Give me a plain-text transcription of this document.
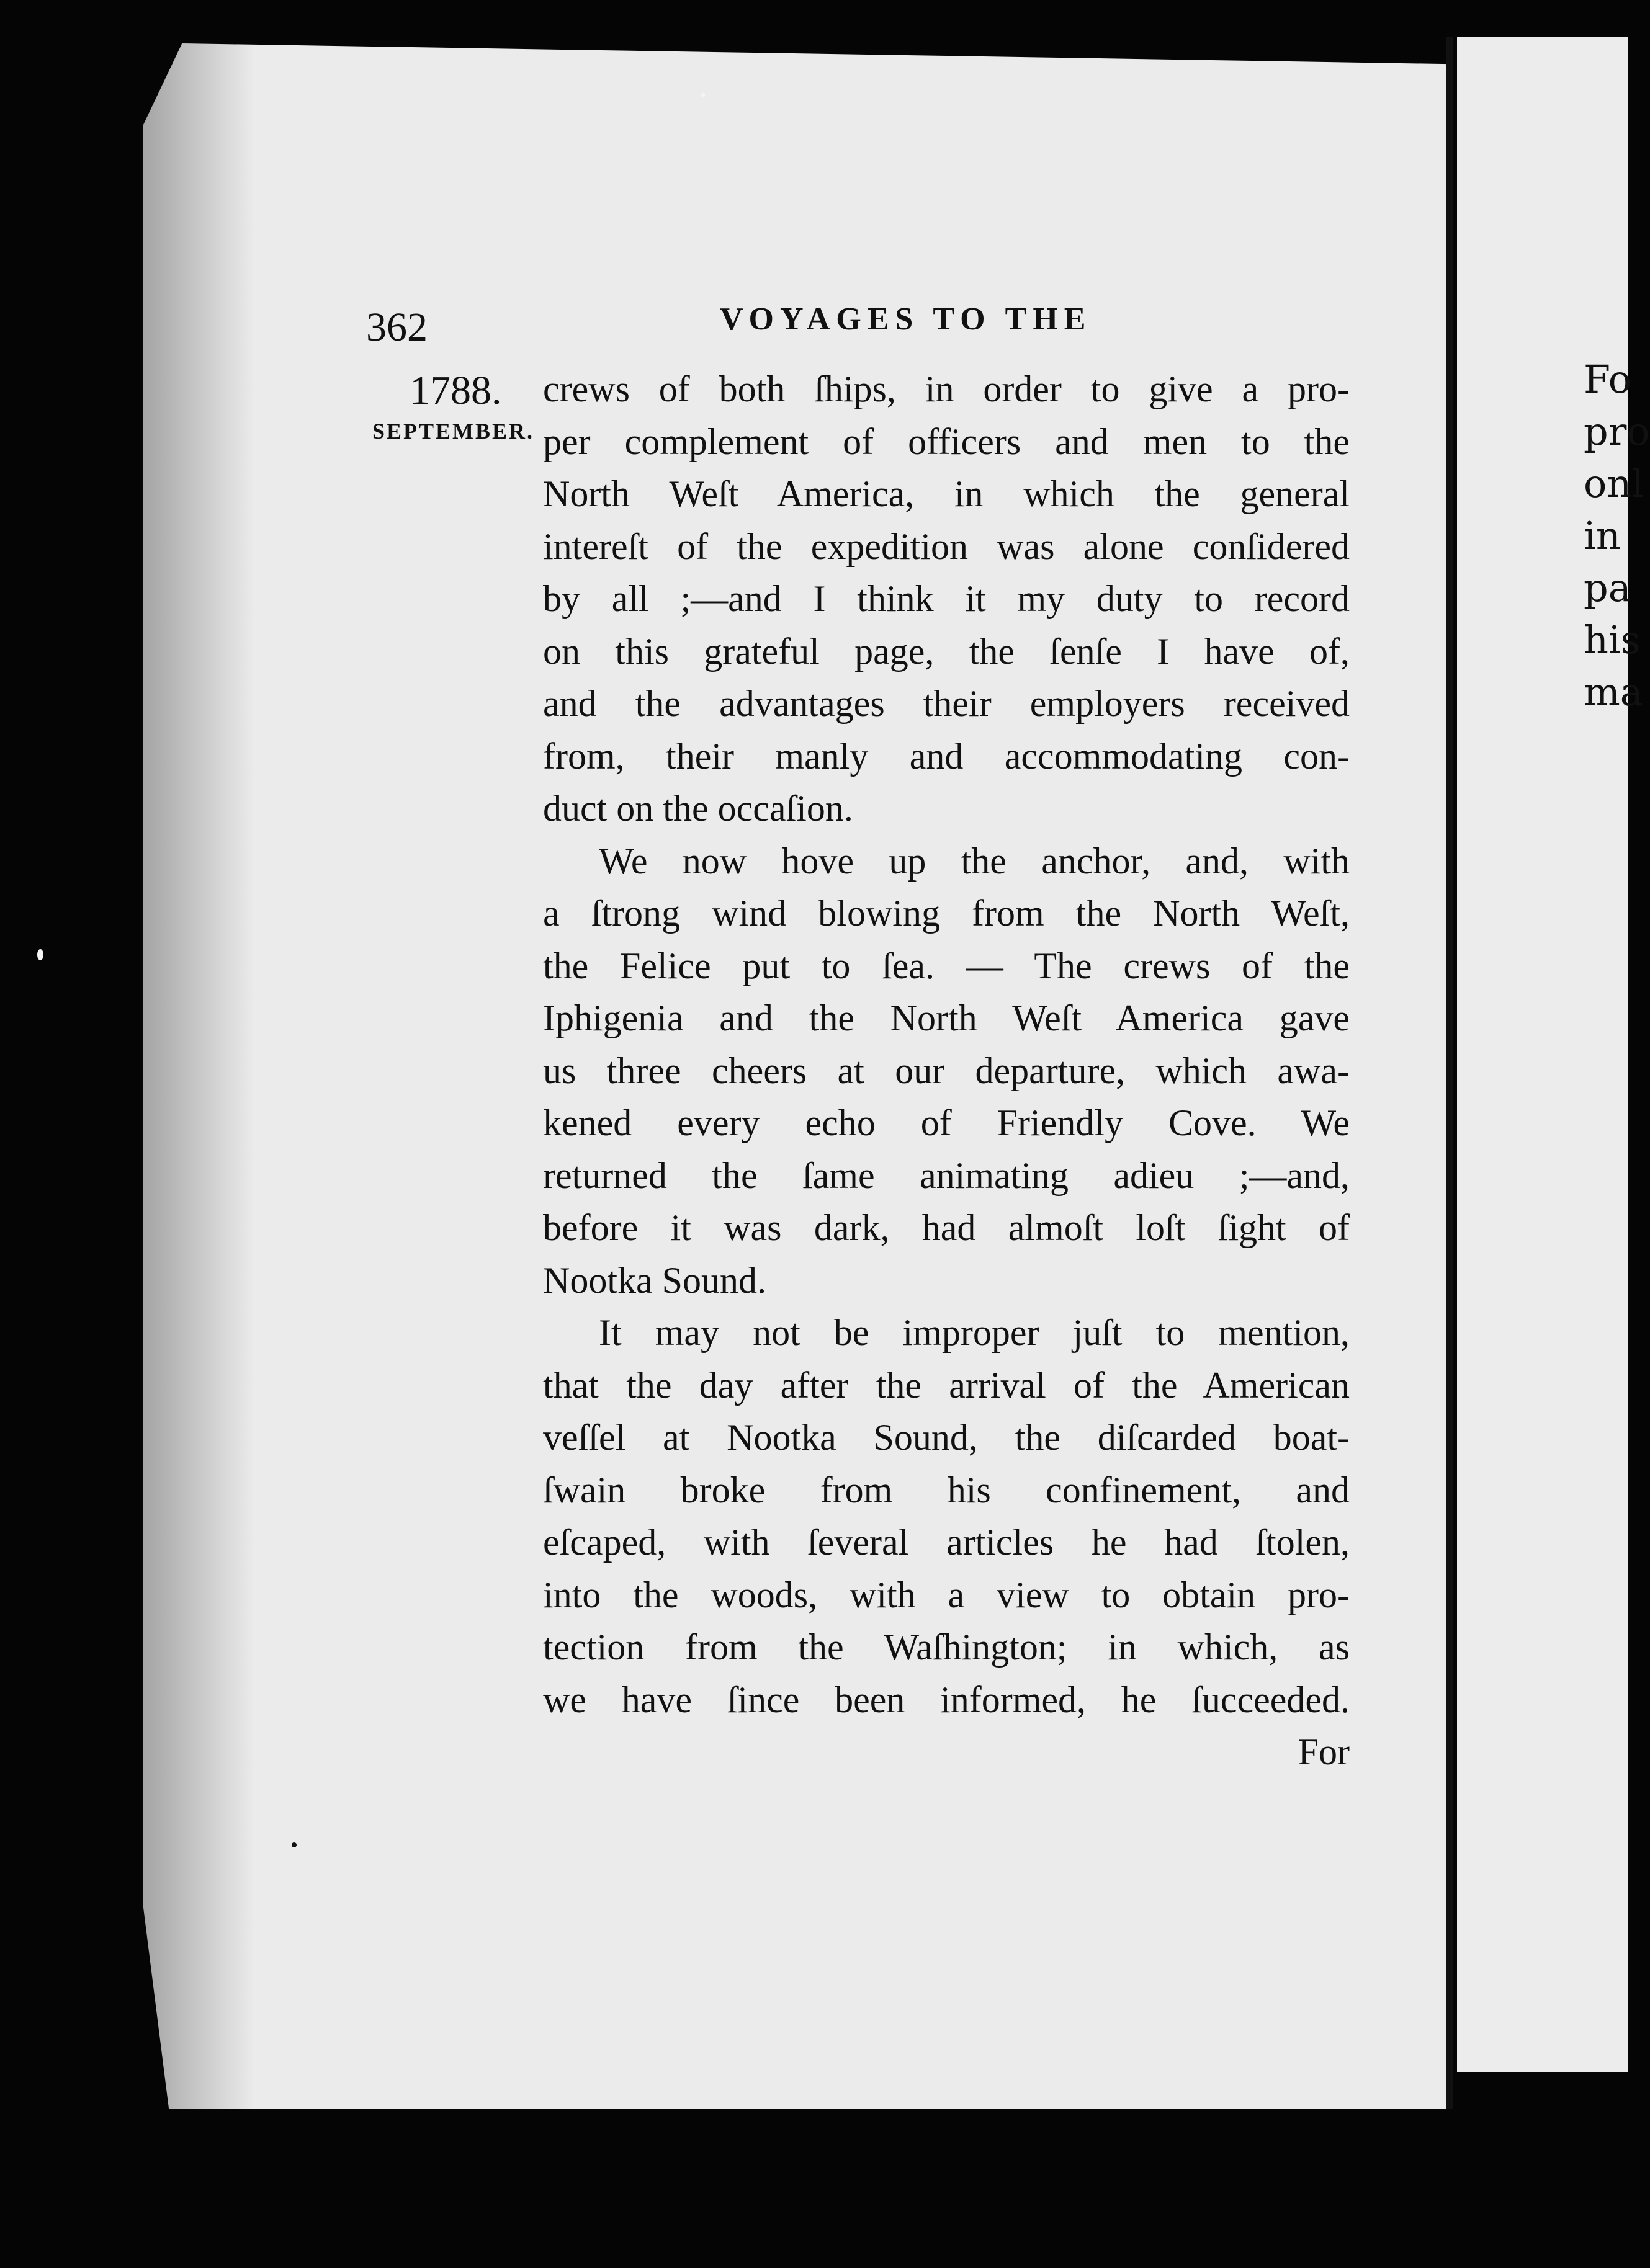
362	VOYAGES TO THE
1788.
SEPTEMBER.
crews of both ſhips, in order to give a pro-
per complement of officers and men to the
North Weſt America, in which the general
intereſt of the expedition was alone conſidered
by all ;—and I think it my duty to record
on this grateful page, the ſenſe I have of,
and the advantages their employers received
from, their manly and accommodating con-
duct on the occaſion.
We now hove up the anchor, and, with
a ſtrong wind blowing from the North Weſt,
the Felice put to ſea. — The crews of the
Iphigenia and the North Weſt America gave
us three cheers at our departure, which awa-
kened every echo of Friendly Cove. We
returned the ſame animating adieu ;—and,
before it was dark, had almoſt loſt ſight of
Nootka Sound.
It may not be improper juſt to mention,
that the day after the arrival of the American
veſſel at Nootka Sound, the diſcarded boat-
ſwain broke from his confinement, and
eſcaped, with ſeveral articles he had ſtolen,
into the woods, with a view to obtain pro-
tection from the Waſhington; in which, as
we have ſince been informed, he ſucceeded.
For
Fo
pro
onl
in
pa
his
ma
